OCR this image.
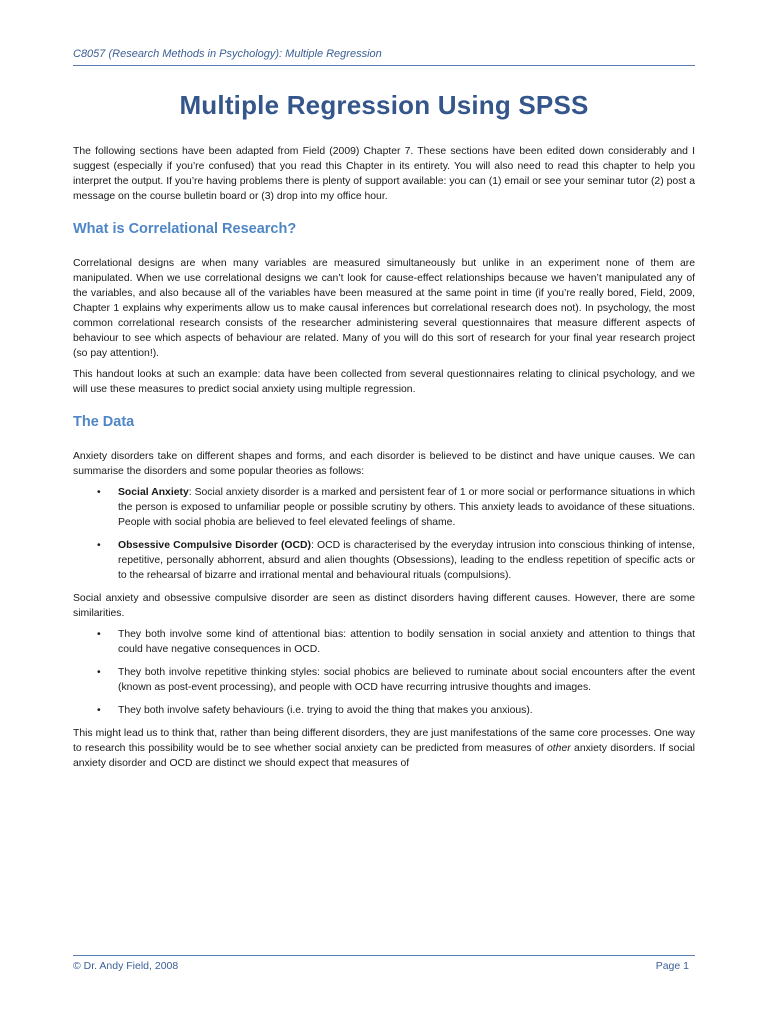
C8057 (Research Methods in Psychology): Multiple Regression
Multiple Regression Using SPSS

The following sections have been adapted from Field (2009) Chapter 7. These sections have been edited down considerably and I suggest (especially if you’re confused) that you read this Chapter in its entirety. You will also need to read this chapter to help you interpret the output. If you’re having problems there is plenty of support available: you can (1) email or see your seminar tutor (2) post a message on the course bulletin board or (3) drop into my office hour.

What is Correlational Research?

Correlational designs are when many variables are measured simultaneously but unlike in an experiment none of them are manipulated. When we use correlational designs we can’t look for cause-effect relationships because we haven’t manipulated any of the variables, and also because all of the variables have been measured at the same point in time (if you’re really bored, Field, 2009, Chapter 1 explains why experiments allow us to make causal inferences but correlational research does not). In psychology, the most common correlational research consists of the researcher administering several questionnaires that measure different aspects of behaviour to see which aspects of behaviour are related. Many of you will do this sort of research for your final year research project (so pay attention!).

This handout looks at such an example: data have been collected from several questionnaires relating to clinical psychology, and we will use these measures to predict social anxiety using multiple regression.

The Data

Anxiety disorders take on different shapes and forms, and each disorder is believed to be distinct and have unique causes. We can summarise the disorders and some popular theories as follows:

• Social Anxiety: Social anxiety disorder is a marked and persistent fear of 1 or more social or performance situations in which the person is exposed to unfamiliar people or possible scrutiny by others. This anxiety leads to avoidance of these situations. People with social phobia are believed to feel elevated feelings of shame.
• Obsessive Compulsive Disorder (OCD): OCD is characterised by the everyday intrusion into conscious thinking of intense, repetitive, personally abhorrent, absurd and alien thoughts (Obsessions), leading to the endless repetition of specific acts or to the rehearsal of bizarre and irrational mental and behavioural rituals (compulsions).

Social anxiety and obsessive compulsive disorder are seen as distinct disorders having different causes. However, there are some similarities.

• They both involve some kind of attentional bias: attention to bodily sensation in social anxiety and attention to things that could have negative consequences in OCD.
• They both involve repetitive thinking styles: social phobics are believed to ruminate about social encounters after the event (known as post-event processing), and people with OCD have recurring intrusive thoughts and images.
• They both involve safety behaviours (i.e. trying to avoid the thing that makes you anxious).

This might lead us to think that, rather than being different disorders, they are just manifestations of the same core processes. One way to research this possibility would be to see whether social anxiety can be predicted from measures of other anxiety disorders. If social anxiety disorder and OCD are distinct we should expect that measures of

© Dr. Andy Field, 2008	Page 1
